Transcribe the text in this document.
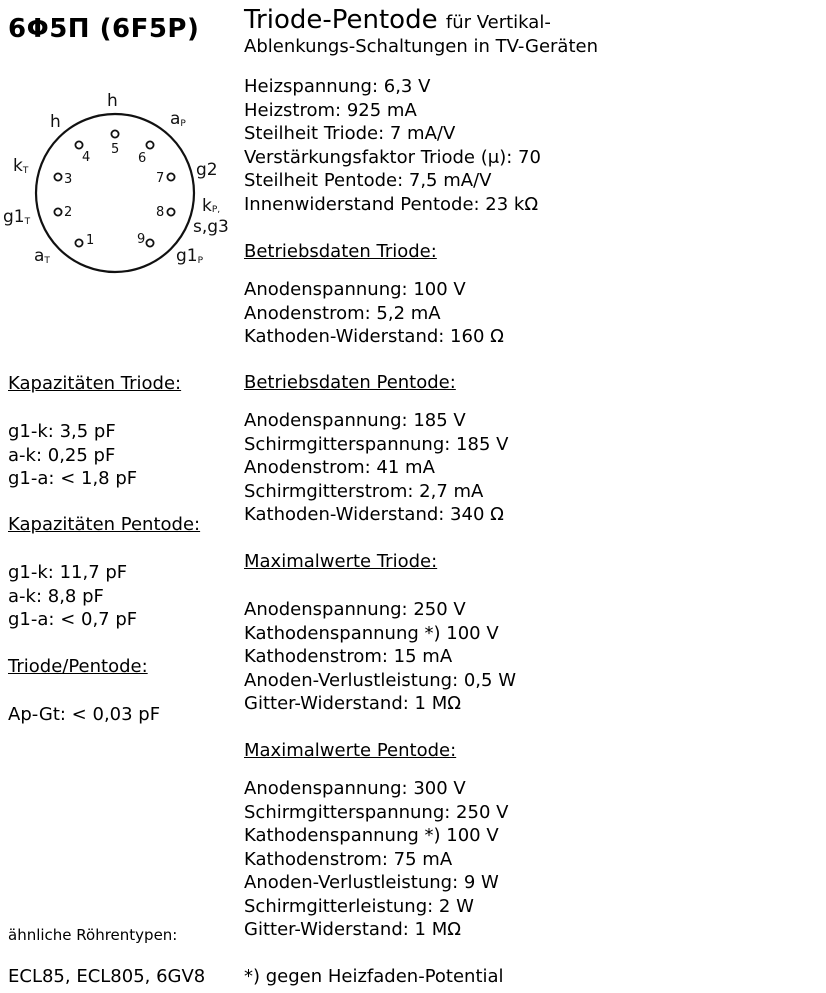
6Φ5П (6F5P)
1
2
3
4
5
6
7
8
9
h
h	aP
kT	g2
g1T
kP,
s,g3
aT	g1P
Triode-Pentode für Vertikal-
Ablenkungs-Schaltungen in TV-Geräten
Heizspannung: 6,3 V
Heizstrom: 925 mA
Steilheit Triode: 7 mA/V
Verstärkungsfaktor Triode (μ): 70
Steilheit Pentode: 7,5 mA/V
Innenwiderstand Pentode: 23 kΩ
Betriebsdaten Triode:
Anodenspannung: 100 V
Anodenstrom: 5,2 mA
Kathoden-Widerstand: 160 Ω
Betriebsdaten Pentode:
Anodenspannung: 185 V
Schirmgitterspannung: 185 V
Anodenstrom: 41 mA
Schirmgitterstrom: 2,7 mA
Kathoden-Widerstand: 340 Ω
Maximalwerte Triode:
Anodenspannung: 250 V
Kathodenspannung *) 100 V
Kathodenstrom: 15 mA
Anoden-Verlustleistung: 0,5 W
Gitter-Widerstand: 1 MΩ
Maximalwerte Pentode:
Anodenspannung: 300 V
Schirmgitterspannung: 250 V
Kathodenspannung *) 100 V
Kathodenstrom: 75 mA
Anoden-Verlustleistung: 9 W
Schirmgitterleistung: 2 W
Gitter-Widerstand: 1 MΩ
*) gegen Heizfaden-Potential
Kapazitäten Triode:
g1-k: 3,5 pF
a-k: 0,25 pF
g1-a: < 1,8 pF
Kapazitäten Pentode:
g1-k: 11,7 pF
a-k: 8,8 pF
g1-a: < 0,7 pF
Triode/Pentode:
Ap-Gt: < 0,03 pF
ähnliche Röhrentypen:
ECL85, ECL805, 6GV8
